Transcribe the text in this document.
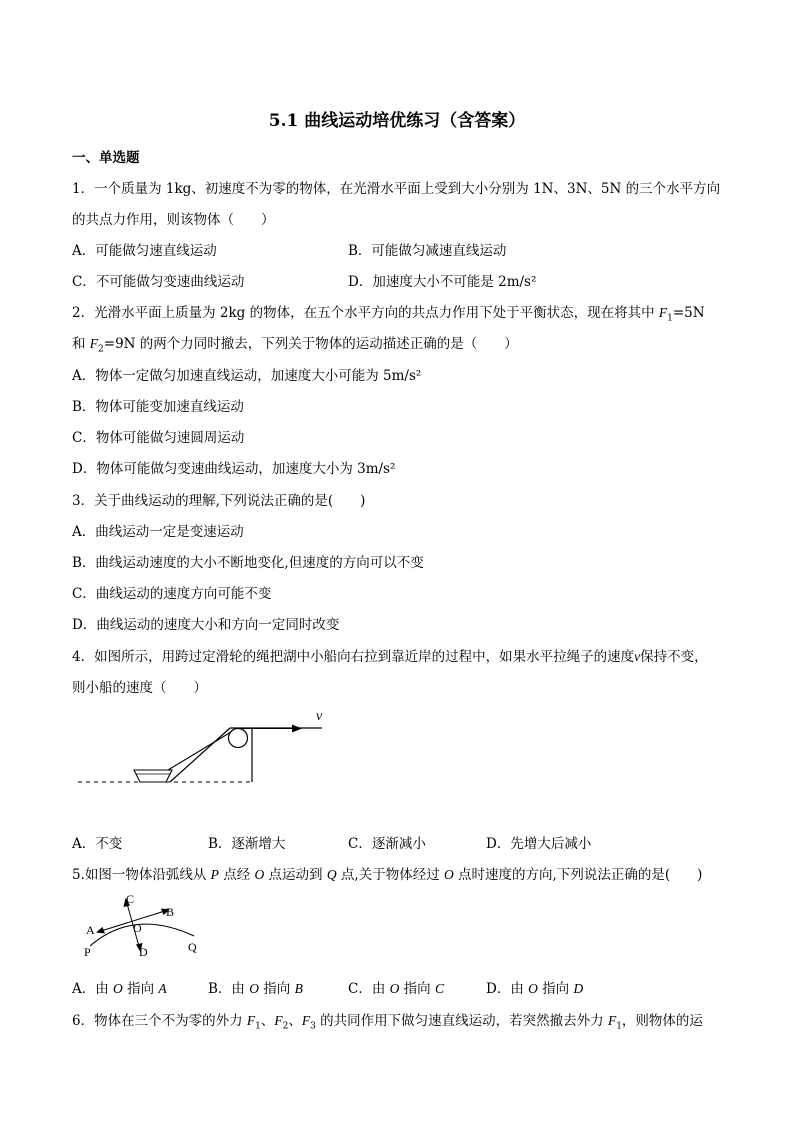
5.1 曲线运动培优练习（含答案）
一、单选题
1．一个质量为 1kg、初速度不为零的物体，在光滑水平面上受到大小分别为 1N、3N、5N 的三个水平方向
的共点力作用，则该物体（　　）
A．可能做匀速直线运动	B．可能做匀减速直线运动
C．不可能做匀变速曲线运动	D．加速度大小不可能是 2m/s²
2．光滑水平面上质量为 2kg 的物体，在五个水平方向的共点力作用下处于平衡状态，现在将其中 $F_1=5N$
和 $F_2=9N$ 的两个力同时撤去，下列关于物体的运动描述正确的是（　　）
A．物体一定做匀加速直线运动，加速度大小可能为 5m/s²
B．物体可能变加速直线运动
C．物体可能做匀速圆周运动
D．物体可能做匀变速曲线运动，加速度大小为 3m/s²
3．关于曲线运动的理解,下列说法正确的是(　　)
A．曲线运动一定是变速运动
B．曲线运动速度的大小不断地变化,但速度的方向可以不变
C．曲线运动的速度方向可能不变
D．曲线运动的速度大小和方向一定同时改变
4．如图所示，用跨过定滑轮的绳把湖中小船向右拉到靠近岸的过程中，如果水平拉绳子的速度v保持不变，
则小船的速度（　　）
v
A．不变	B．逐渐增大	C．逐渐减小	D．先增大后减小
5.如图一物体沿弧线从 P 点经 O 点运动到 Q 点,关于物体经过 O 点时速度的方向,下列说法正确的是(　　)
C
B
A	O
P	D	Q
A．由 O 指向 A	B．由 O 指向 B	C．由 O 指向 C	D．由 O 指向 D
6．物体在三个不为零的外力 $F_1$、$F_2$、$F_3$ 的共同作用下做匀速直线运动，若突然撤去外力 $F_1$，则物体的运
